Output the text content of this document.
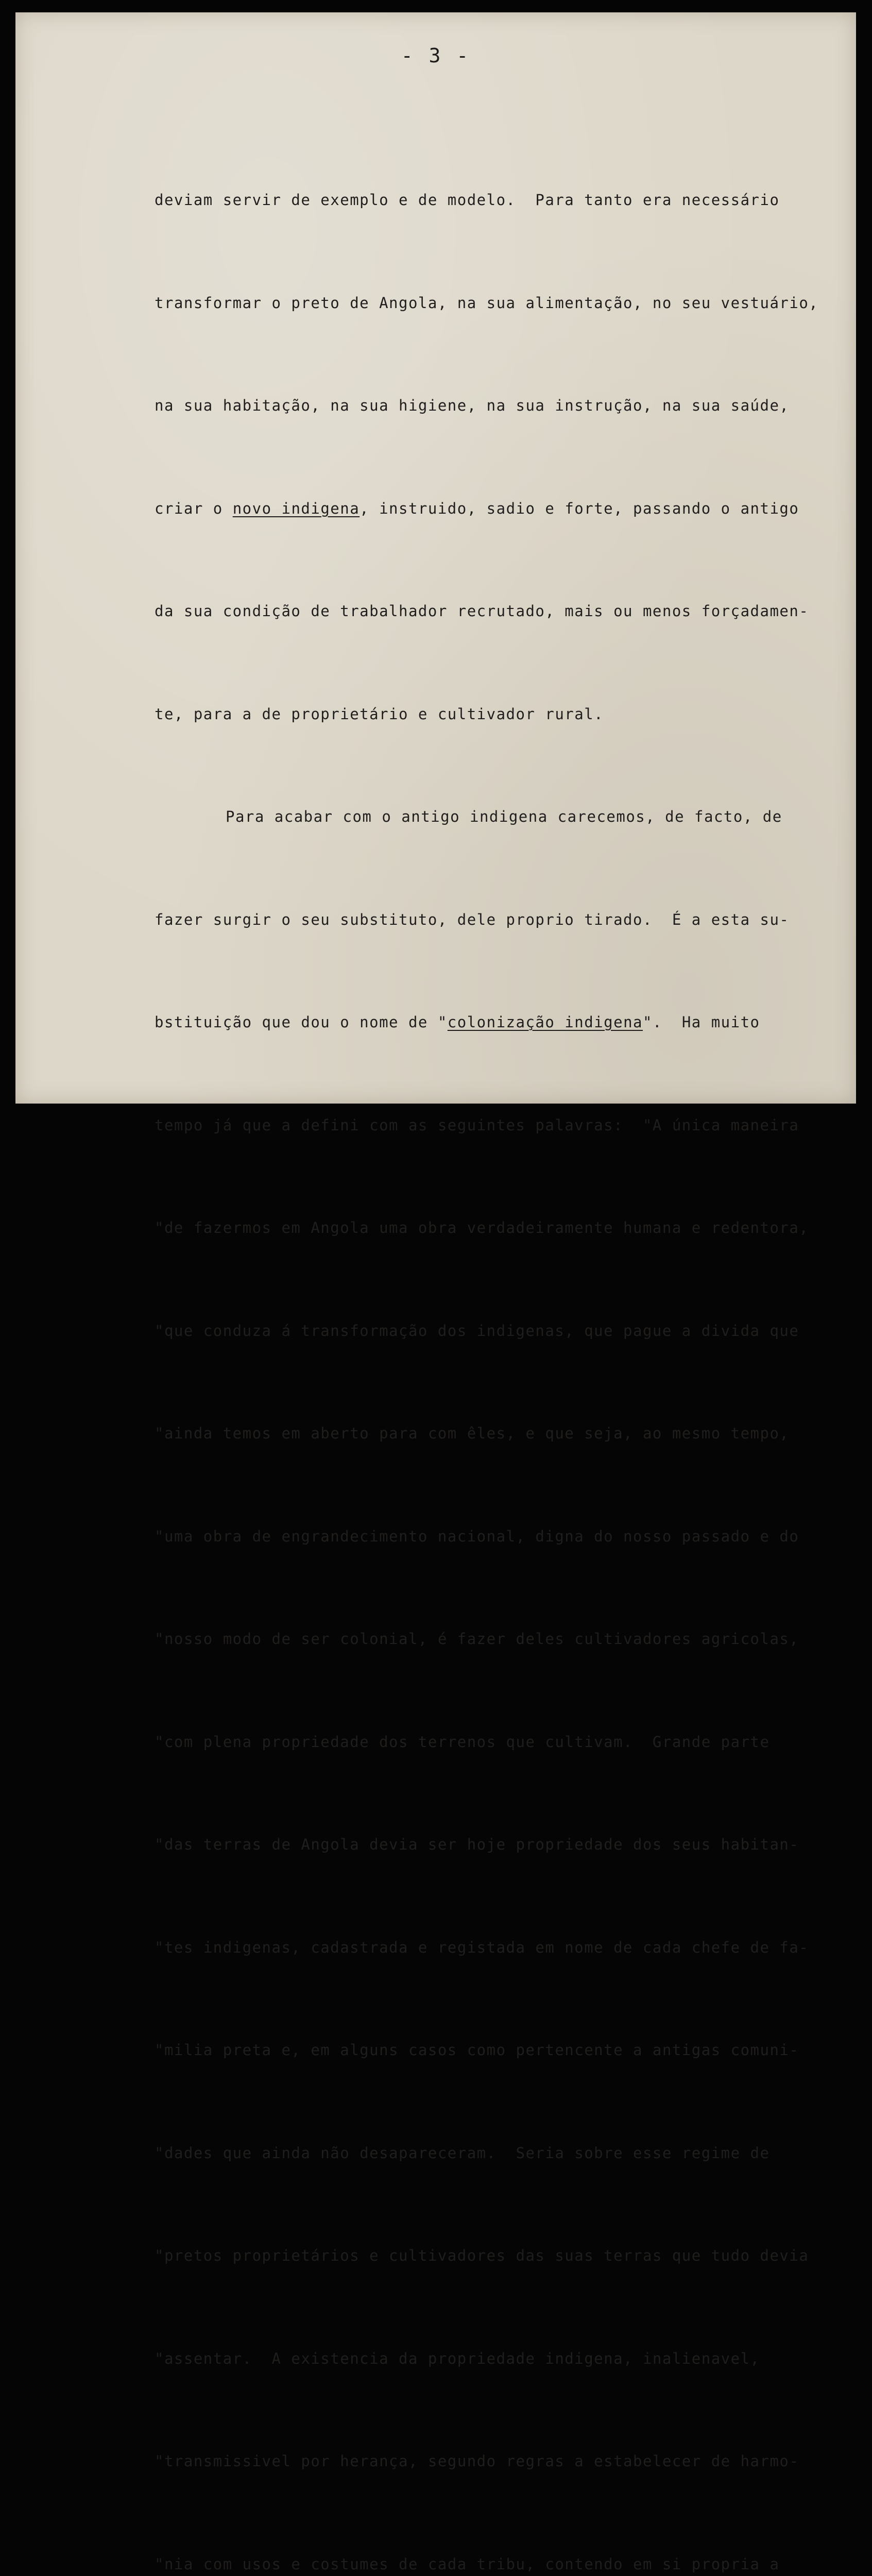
- 3 -

deviam servir de exemplo e de modelo.  Para tanto era necessário

transformar o preto de Angola, na sua alimentação, no seu vestuário,

na sua habitação, na sua higiene, na sua instrução, na sua saúde,

criar o novo indigena, instruido, sadio e forte, passando o antigo

da sua condição de trabalhador recrutado, mais ou menos forçadamen-

te, para a de proprietário e cultivador rural.

Para acabar com o antigo indigena carecemos, de facto, de

fazer surgir o seu substituto, dele proprio tirado.  É a esta su-

bstituição que dou o nome de "colonização indigena".  Ha muito

tempo já que a defini com as seguintes palavras:  "A única maneira

"de fazermos em Angola uma obra verdadeiramente humana e redentora,

"que conduza á transformação dos indigenas, que pague a divida que

"ainda temos em aberto para com êles, e que seja, ao mesmo tempo,

"uma obra de engrandecimento nacional, digna do nosso passado e do

"nosso modo de ser colonial, é fazer deles cultivadores agricolas,

"com plena propriedade dos terrenos que cultivam.  Grande parte

"das terras de Angola devia ser hoje propriedade dos seus habitan-

"tes indigenas, cadastrada e registada em nome de cada chefe de fa-

"milia preta e, em alguns casos como pertencente a antigas comuni-

"dades que ainda não desapareceram.  Seria sobre esse regime de

"pretos proprietários e cultivadores das suas terras que tudo devia

"assentar.  A existencia da propriedade indigena, inalienavel,

"transmissivel por herança, segundo regras a estabelecer de harmo-

"nia com usos e costumes de cada tribu, contendo em si propria a
